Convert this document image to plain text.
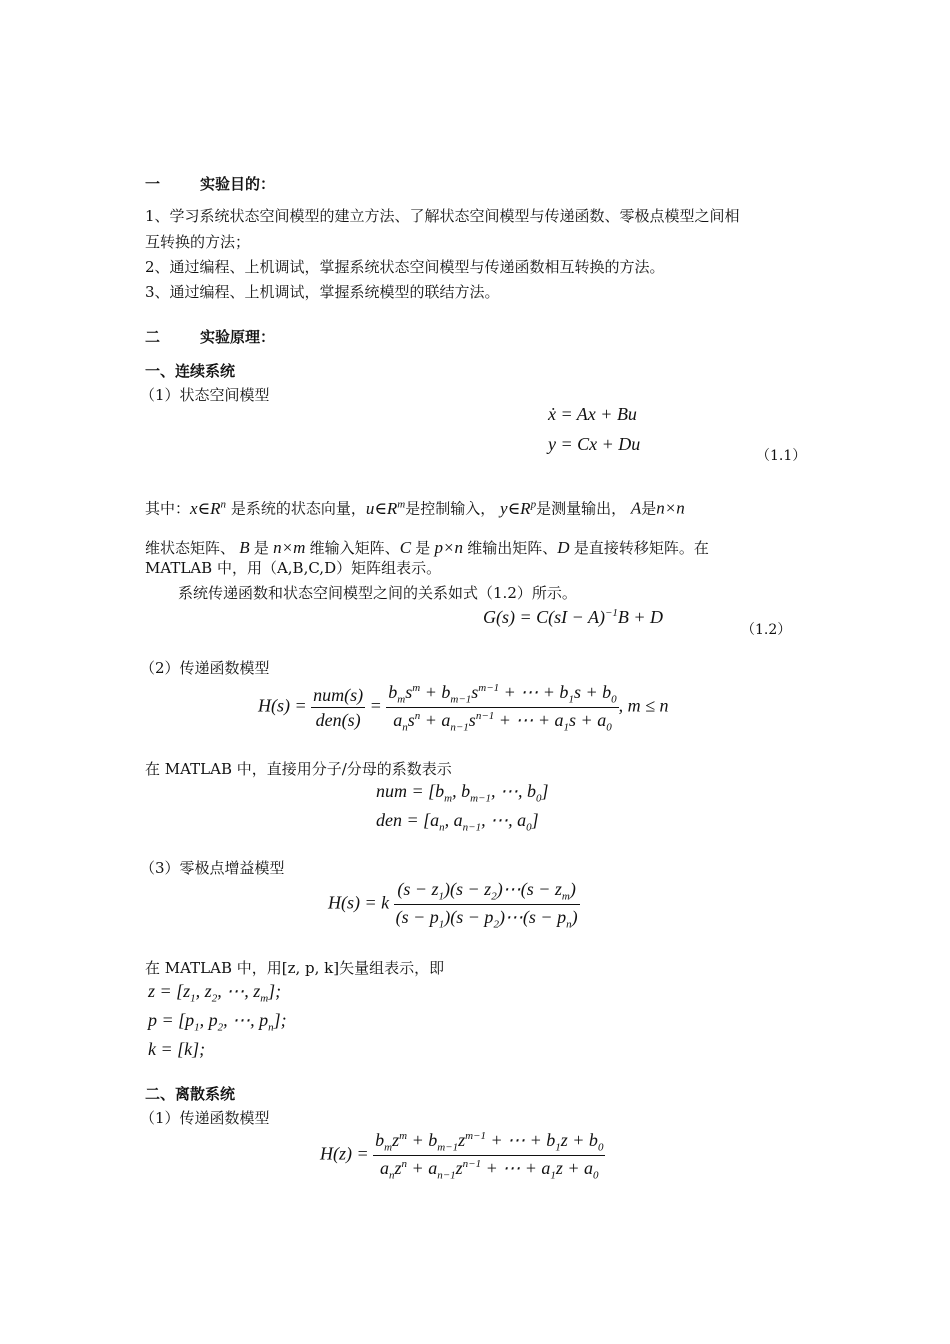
一	实验目的：
1、学习系统状态空间模型的建立方法、了解状态空间模型与传递函数、零极点模型之间相
互转换的方法；
2、通过编程、上机调试，掌握系统状态空间模型与传递函数相互转换的方法。
3、通过编程、上机调试，掌握系统模型的联结方法。
二	实验原理：
一、连续系统
（1）状态空间模型
ẋ = Ax + Bu
y = Cx + Du
（1.1）
其中：$x\in R^n$ 是系统的状态向量，$u\in R^m$是控制输入， $y\in R^p$是测量输出， A是n×n
维状态矩阵、 B 是 n×m 维输入矩阵、C 是 p×n 维输出矩阵、D 是直接转移矩阵。在
MATLAB 中，用（A,B,C,D）矩阵组表示。
系统传递函数和状态空间模型之间的关系如式（1.2）所示。
G(s) = C(sI − A)$^{-1}$B + D
（1.2）
（2）传递函数模型
$H(s) = \frac{\text{num(s)}}{\text{den(s)}} = \frac{b_ms^m + b_{m-1}s^{m-1} + \cdots + b_1s + b_0}{a_ns^n + a_{n-1}s^{n-1} + \cdots + a_1s + a_0}$ , m ≤ n
在 MATLAB 中，直接用分子/分母的系数表示
num = [$b_m$, $b_{m-1}$, ⋯, $b_0$]
den = [$a_n$, $a_{n-1}$, ⋯, $a_0$]
（3）零极点增益模型
H(s) = k $\frac{(s - z_1)(s - z_2)\cdots(s - z_m)}{(s - p_1)(s - p_2)\cdots(s - p_n)}$
在 MATLAB 中，用[z, p, k]矢量组表示，即
$z = [z_1$, $z_2$, ⋯, $z_m$];
$p = [p_1$, $p_2$, ⋯, $p_n$];
k = [k];
二、离散系统
（1）传递函数模型
$H(z) = \frac{b_mz^m + b_{m-1}z^{m-1} + \cdots + b_1z + b_0}{a_nz^n + a_{n-1}z^{n-1} + \cdots + a_1z + a_0}$
